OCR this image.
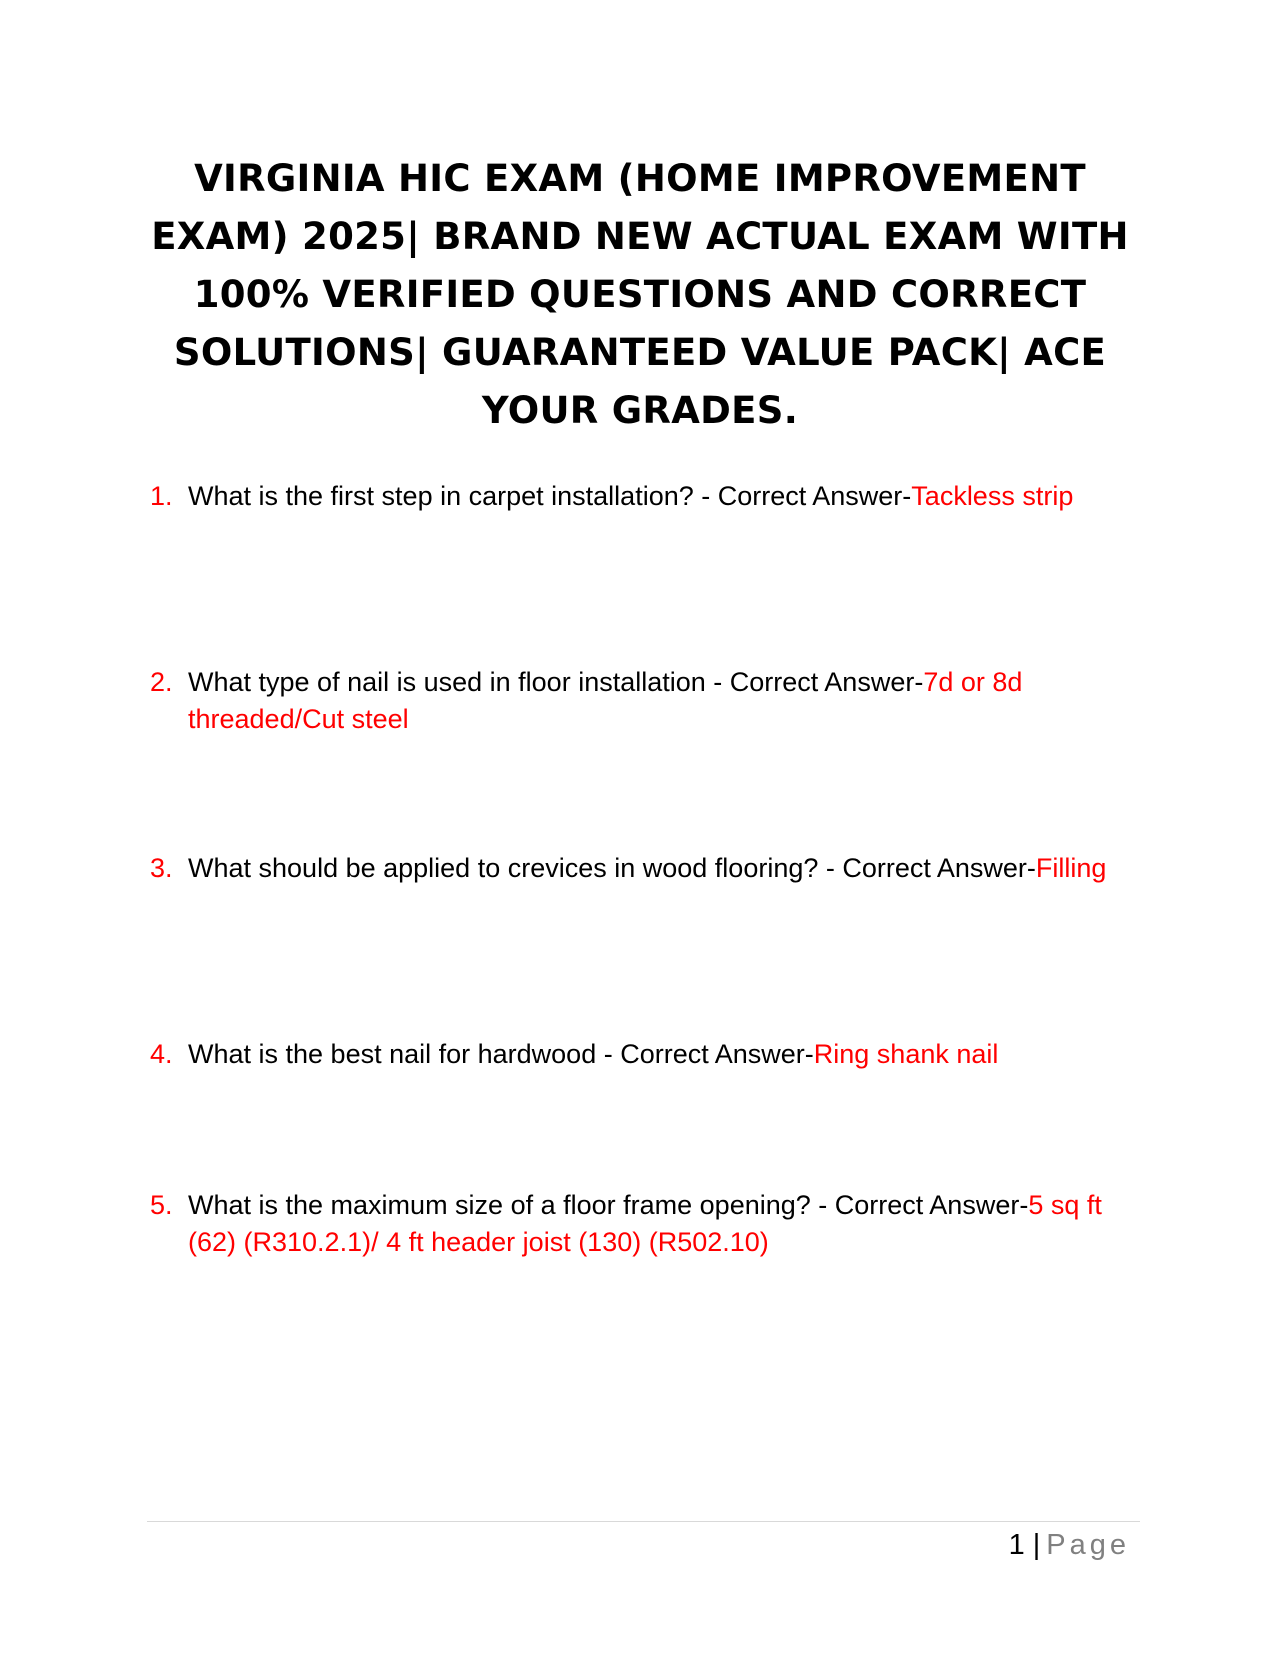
VIRGINIA HIC EXAM (HOME IMPROVEMENT EXAM) 2025| BRAND NEW ACTUAL EXAM WITH 100% VERIFIED QUESTIONS AND CORRECT SOLUTIONS| GUARANTEED VALUE PACK| ACE YOUR GRADES.
1. What is the first step in carpet installation? - Correct Answer-Tackless strip
2. What type of nail is used in floor installation - Correct Answer-7d or 8d threaded/Cut steel
3. What should be applied to crevices in wood flooring? - Correct Answer-Filling
4. What is the best nail for hardwood - Correct Answer-Ring shank nail
5. What is the maximum size of a floor frame opening? - Correct Answer-5 sq ft (62) (R310.2.1)/ 4 ft header joist (130) (R502.10)
1 | Page
